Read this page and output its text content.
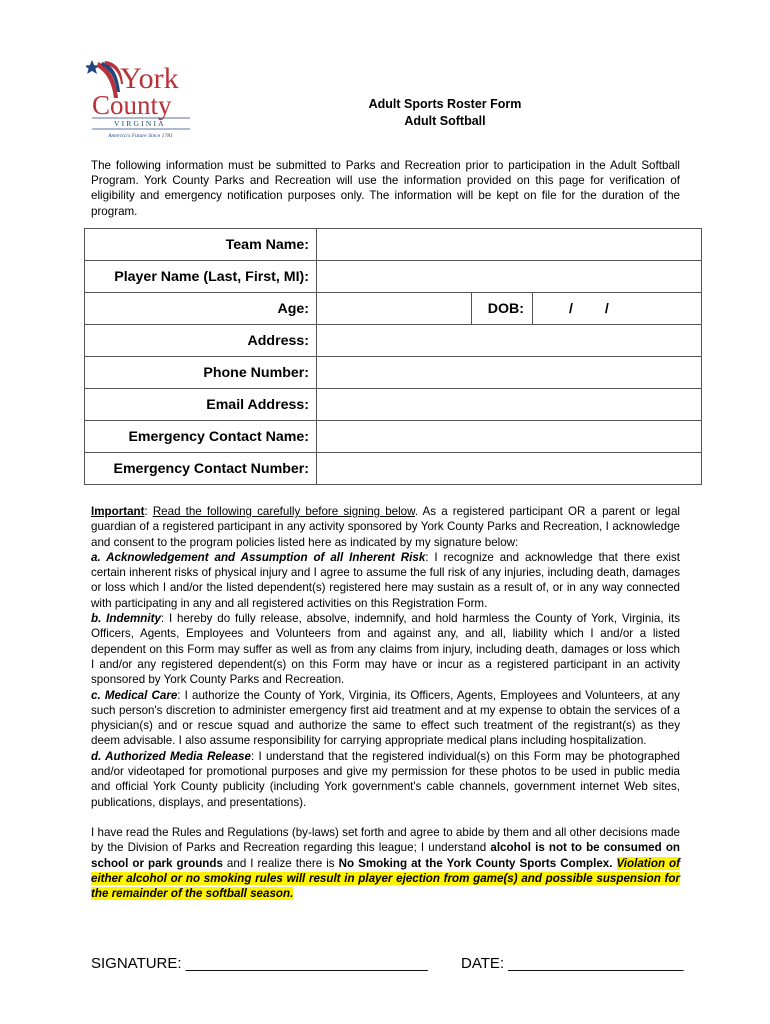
York
County
VIRGINIA
America's Future Since 1781
Adult Sports Roster Form
Adult Softball
The following information must be submitted to Parks and Recreation prior to participation in the Adult Softball Program. York County Parks and Recreation will use the information provided on this page for verification of eligibility and emergency notification purposes only. The information will be kept on file for the duration of the program.
Team Name:			
Player Name (Last, First, MI):			
Age:		DOB:	/ /
Address:			
Phone Number:			
Email Address:			
Emergency Contact Name:			
Emergency Contact Number:			

Important: Read the following carefully before signing below. As a registered participant OR a parent or legal guardian of a registered participant in any activity sponsored by York County Parks and Recreation, I acknowledge and consent to the program policies listed here as indicated by my signature below:

a. Acknowledgement and Assumption of all Inherent Risk: I recognize and acknowledge that there exist certain inherent risks of physical injury and I agree to assume the full risk of any injuries, including death, damages or loss which I and/or the listed dependent(s) registered here may sustain as a result of, or in any way connected with participating in any and all registered activities on this Registration Form.

b. Indemnity: I hereby do fully release, absolve, indemnify, and hold harmless the County of York, Virginia, its Officers, Agents, Employees and Volunteers from and against any, and all, liability which I and/or a listed dependent on this Form may suffer as well as from any claims from injury, including death, damages or loss which I and/or any registered dependent(s) on this Form may have or incur as a registered participant in an activity sponsored by York County Parks and Recreation.

c. Medical Care: I authorize the County of York, Virginia, its Officers, Agents, Employees and Volunteers, at any such person's discretion to administer emergency first aid treatment and at my expense to obtain the services of a physician(s) and or rescue squad and authorize the same to effect such treatment of the registrant(s) as they deem advisable. I also assume responsibility for carrying appropriate medical plans including hospitalization.

d. Authorized Media Release: I understand that the registered individual(s) on this Form may be photographed and/or videotaped for promotional purposes and give my permission for these photos to be used in public media and official York County publicity (including York government's cable channels, government internet Web sites, publications, displays, and presentations).

I have read the Rules and Regulations (by-laws) set forth and agree to abide by them and all other decisions made by the Division of Parks and Recreation regarding this league; I understand alcohol is not to be consumed on school or park grounds and I realize there is No Smoking at the York County Sports Complex. Violation of either alcohol or no smoking rules will result in player ejection from game(s) and possible suspension for the remainder of the softball season.

SIGNATURE: _____________________________ DATE: _____________________
